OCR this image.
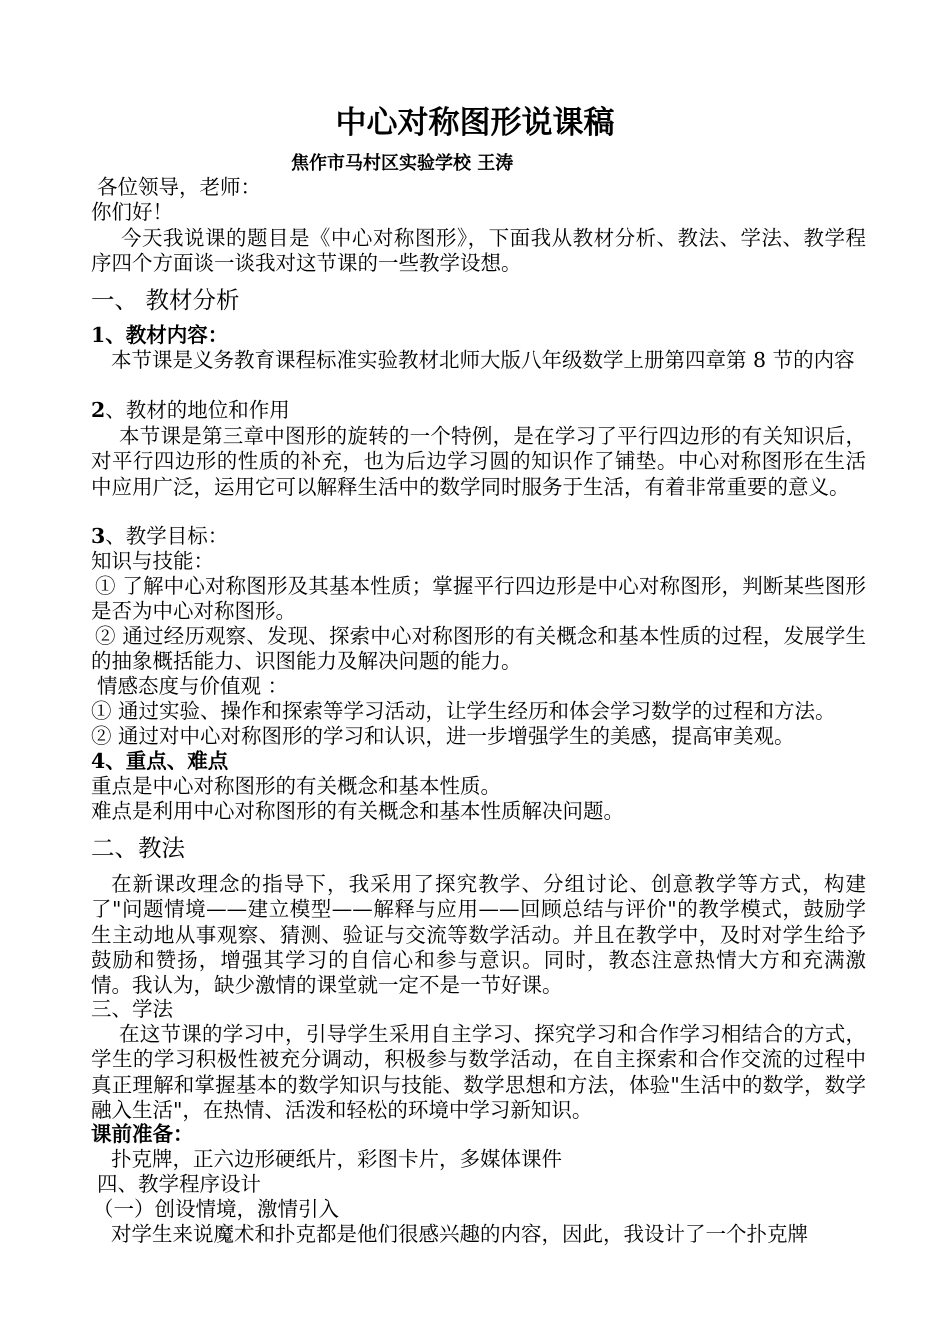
中心对称图形说课稿
焦作市马村区实验学校 王涛
各位领导，老师：
你们好！
今天我说课的题目是《中心对称图形》，下面我从教材分析、教法、学法、教学程序四个方面谈一谈我对这节课的一些教学设想。
一、 教材分析
1、教材内容：
本节课是义务教育课程标准实验教材北师大版八年级数学上册第四章第 8 节的内容
2、教材的地位和作用
本节课是第三章中图形的旋转的一个特例，是在学习了平行四边形的有关知识后，对平行四边形的性质的补充，也为后边学习圆的知识作了铺垫。中心对称图形在生活中应用广泛，运用它可以解释生活中的数学同时服务于生活，有着非常重要的意义。
3、教学目标：
知识与技能：
① 了解中心对称图形及其基本性质；掌握平行四边形是中心对称图形，判断某些图形是否为中心对称图形。
② 通过经历观察、发现、探索中心对称图形的有关概念和基本性质的过程，发展学生的抽象概括能力、识图能力及解决问题的能力。
情感态度与价值观 ：
① 通过实验、操作和探索等学习活动，让学生经历和体会学习数学的过程和方法。
② 通过对中心对称图形的学习和认识，进一步增强学生的美感，提高审美观。
4、重点、难点
重点是中心对称图形的有关概念和基本性质。
难点是利用中心对称图形的有关概念和基本性质解决问题。
二、教法
在新课改理念的指导下，我采用了探究教学、分组讨论、创意教学等方式，构建了"问题情境——建立模型——解释与应用——回顾总结与评价"的教学模式，鼓励学生主动地从事观察、猜测、验证与交流等数学活动。并且在教学中，及时对学生给予鼓励和赞扬，增强其学习的自信心和参与意识。同时，教态注意热情大方和充满激情。我认为，缺少激情的课堂就一定不是一节好课。
三、学法
在这节课的学习中，引导学生采用自主学习、探究学习和合作学习相结合的方式，学生的学习积极性被充分调动，积极参与数学活动，在自主探索和合作交流的过程中真正理解和掌握基本的数学知识与技能、数学思想和方法，体验"生活中的数学，数学融入生活"，在热情、活泼和轻松的环境中学习新知识。
课前准备：
扑克牌，正六边形硬纸片，彩图卡片，多媒体课件
四、教学程序设计
（一）创设情境，激情引入
对学生来说魔术和扑克都是他们很感兴趣的内容，因此，我设计了一个扑克牌
